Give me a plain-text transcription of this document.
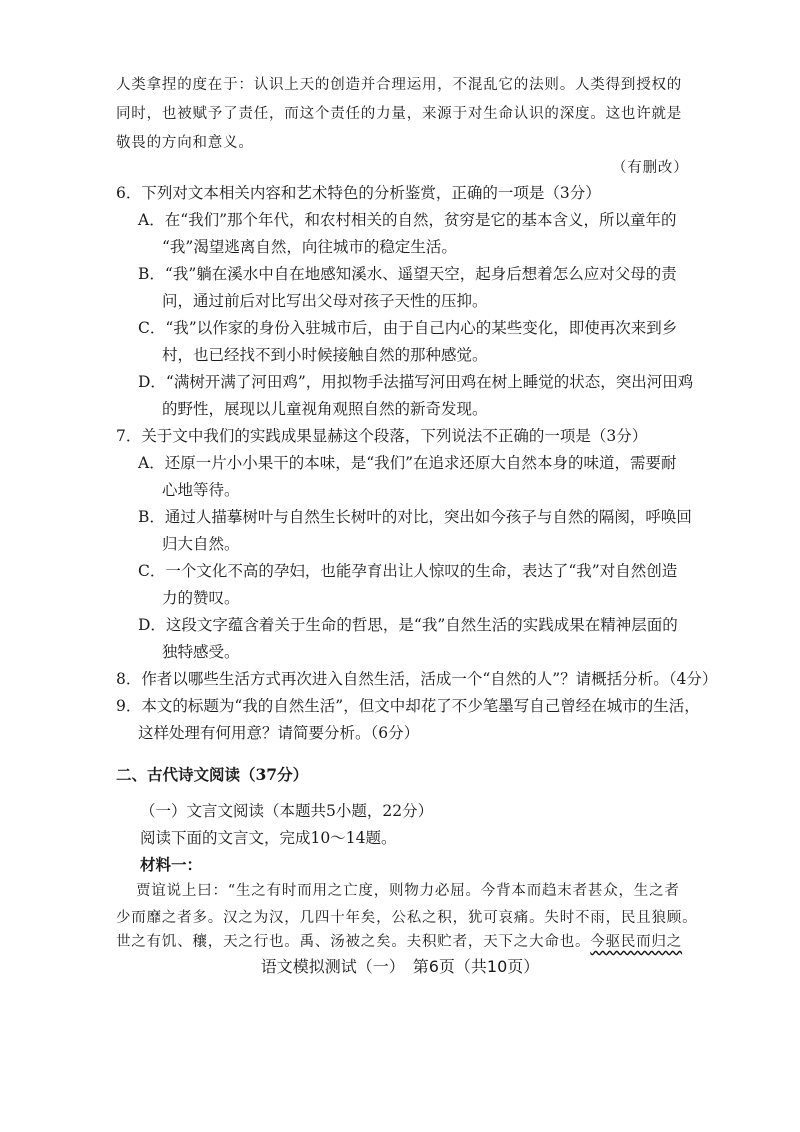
人类拿捏的度在于：认识上天的创造并合理运用，不混乱它的法则。人类得到授权的
同时，也被赋予了责任，而这个责任的力量，来源于对生命认识的深度。这也许就是
敬畏的方向和意义。
（有删改）
6．下列对文本相关内容和艺术特色的分析鉴赏，正确的一项是（3分）
A．在“我们”那个年代，和农村相关的自然，贫穷是它的基本含义，所以童年的
“我”渴望逃离自然，向往城市的稳定生活。
B．“我”躺在溪水中自在地感知溪水、遥望天空，起身后想着怎么应对父母的责
问，通过前后对比写出父母对孩子天性的压抑。
C．“我”以作家的身份入驻城市后，由于自己内心的某些变化，即使再次来到乡
村，也已经找不到小时候接触自然的那种感觉。
D．“满树开满了河田鸡”，用拟物手法描写河田鸡在树上睡觉的状态，突出河田鸡
的野性，展现以儿童视角观照自然的新奇发现。
7．关于文中我们的实践成果显赫这个段落，下列说法不正确的一项是（3分）
A．还原一片小小果干的本味，是“我们”在追求还原大自然本身的味道，需要耐
心地等待。
B．通过人描摹树叶与自然生长树叶的对比，突出如今孩子与自然的隔阂，呼唤回
归大自然。
C．一个文化不高的孕妇，也能孕育出让人惊叹的生命，表达了“我”对自然创造
力的赞叹。
D．这段文字蕴含着关于生命的哲思，是“我”自然生活的实践成果在精神层面的
独特感受。
8．作者以哪些生活方式再次进入自然生活，活成一个“自然的人”？请概括分析。（4分）
9．本文的标题为“我的自然生活”，但文中却花了不少笔墨写自己曾经在城市的生活，
这样处理有何用意？请简要分析。（6分）
二、古代诗文阅读（37分）
（一）文言文阅读（本题共5小题，22分）
阅读下面的文言文，完成10～14题。
材料一：
贾谊说上曰：“生之有时而用之亡度，则物力必屈。今背本而趋末者甚众，生之者
少而靡之者多。汉之为汉，几四十年矣，公私之积，犹可哀痛。失时不雨，民且狼顾。
世之有饥、穰，天之行也。禹、汤被之矣。夫积贮者，天下之大命也。今驱民而归之
语文模拟测试（一）　第6页（共10页）
